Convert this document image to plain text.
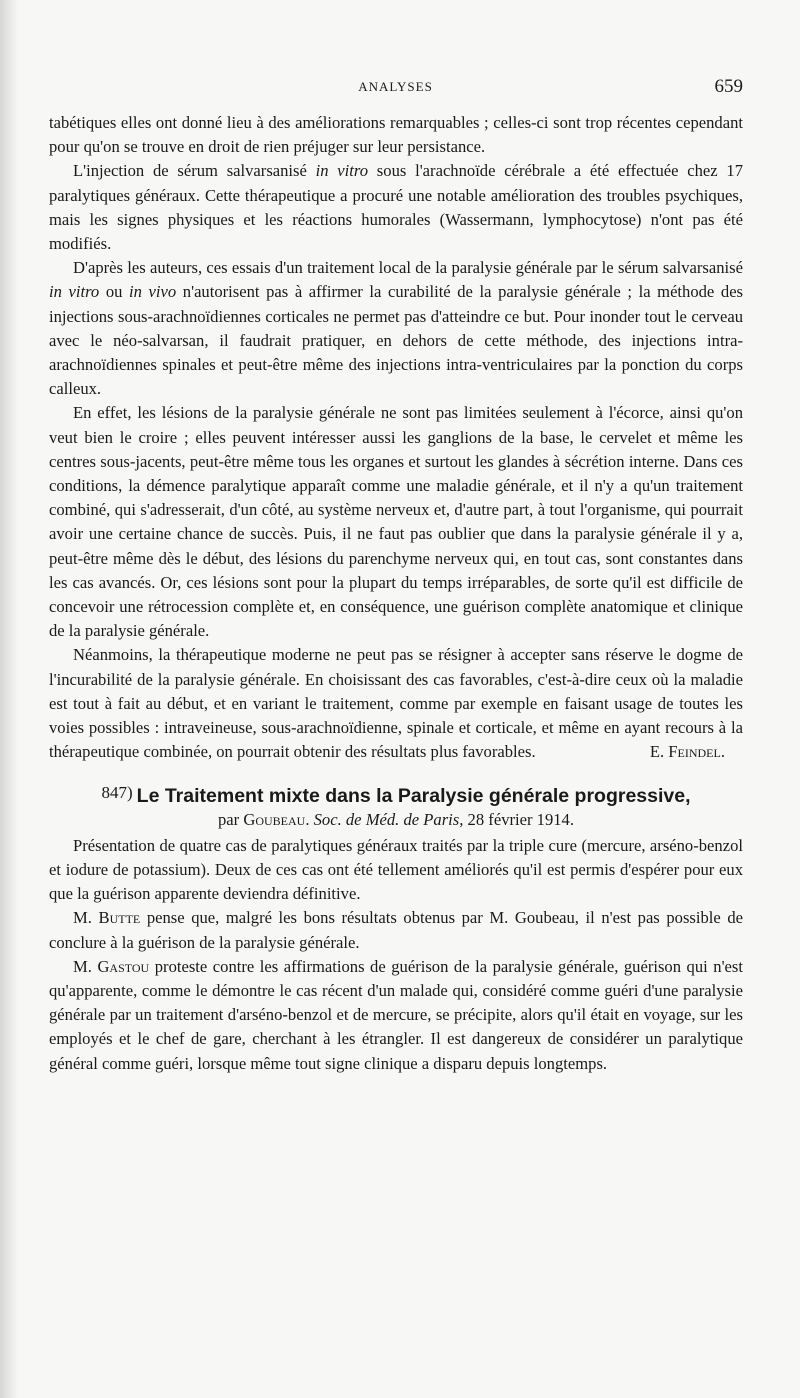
ANALYSES	659

tabétiques elles ont donné lieu à des améliorations remarquables ; celles-ci sont trop récentes cependant pour qu'on se trouve en droit de rien préjuger sur leur persistance.

L'injection de sérum salvarsanisé in vitro sous l'arachnoïde cérébrale a été effectuée chez 17 paralytiques généraux. Cette thérapeutique a procuré une notable amélioration des troubles psychiques, mais les signes physiques et les réactions humorales (Wassermann, lymphocytose) n'ont pas été modifiés.

D'après les auteurs, ces essais d'un traitement local de la paralysie générale par le sérum salvarsanisé in vitro ou in vivo n'autorisent pas à affirmer la curabilité de la paralysie générale ; la méthode des injections sous-arachnoïdiennes corticales ne permet pas d'atteindre ce but. Pour inonder tout le cerveau avec le néo-salvarsan, il faudrait pratiquer, en dehors de cette méthode, des injections intra-arachnoïdiennes spinales et peut-être même des injections intra-ventriculaires par la ponction du corps calleux.

En effet, les lésions de la paralysie générale ne sont pas limitées seulement à l'écorce, ainsi qu'on veut bien le croire ; elles peuvent intéresser aussi les ganglions de la base, le cervelet et même les centres sous-jacents, peut-être même tous les organes et surtout les glandes à sécrétion interne. Dans ces conditions, la démence paralytique apparaît comme une maladie générale, et il n'y a qu'un traitement combiné, qui s'adresserait, d'un côté, au système nerveux et, d'autre part, à tout l'organisme, qui pourrait avoir une certaine chance de succès. Puis, il ne faut pas oublier que dans la paralysie générale il y a, peut-être même dès le début, des lésions du parenchyme nerveux qui, en tout cas, sont constantes dans les cas avancés. Or, ces lésions sont pour la plupart du temps irréparables, de sorte qu'il est difficile de concevoir une rétrocession complète et, en conséquence, une guérison complète anatomique et clinique de la paralysie générale.

Néanmoins, la thérapeutique moderne ne peut pas se résigner à accepter sans réserve le dogme de l'incurabilité de la paralysie générale. En choisissant des cas favorables, c'est-à-dire ceux où la maladie est tout à fait au début, et en variant le traitement, comme par exemple en faisant usage de toutes les voies possibles : intraveineuse, sous-arachnoïdienne, spinale et corticale, et même en ayant recours à la thérapeutique combinée, on pourrait obtenir des résultats plus favorables.	E. Feindel.

847) Le Traitement mixte dans la Paralysie générale progressive,

par Goubeau. Soc. de Méd. de Paris, 28 février 1914.

Présentation de quatre cas de paralytiques généraux traités par la triple cure (mercure, arséno-benzol et iodure de potassium). Deux de ces cas ont été tellement améliorés qu'il est permis d'espérer pour eux que la guérison apparente deviendra définitive.

M. Butte pense que, malgré les bons résultats obtenus par M. Goubeau, il n'est pas possible de conclure à la guérison de la paralysie générale.

M. Gastou proteste contre les affirmations de guérison de la paralysie générale, guérison qui n'est qu'apparente, comme le démontre le cas récent d'un malade qui, considéré comme guéri d'une paralysie générale par un traitement d'arséno-benzol et de mercure, se précipite, alors qu'il était en voyage, sur les employés et le chef de gare, cherchant à les étrangler. Il est dangereux de considérer un paralytique général comme guéri, lorsque même tout signe clinique a disparu depuis longtemps.
